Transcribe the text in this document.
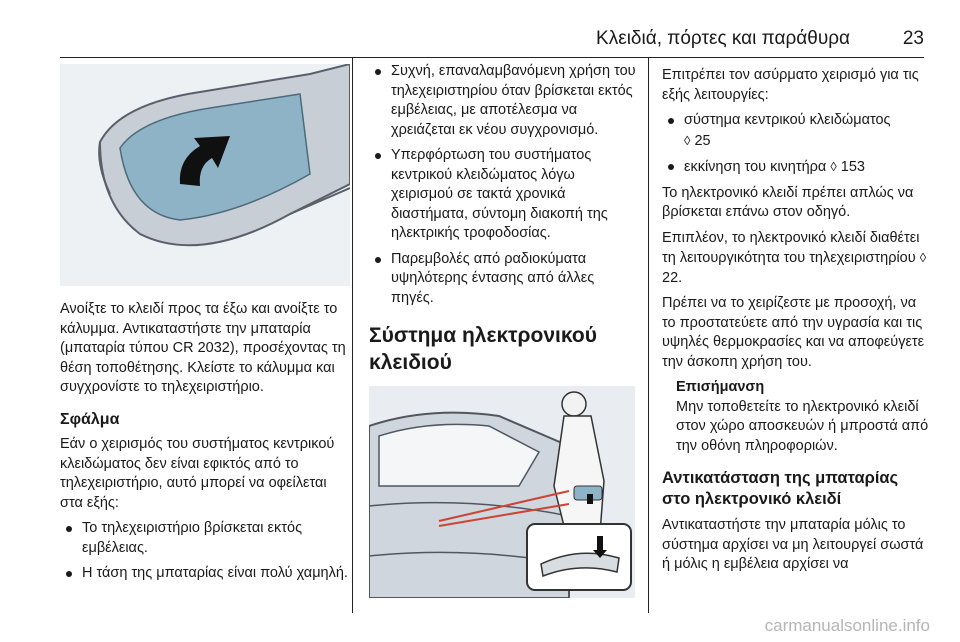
Κλειδιά, πόρτες και παράθυρα	23

Ανοίξτε το κλειδί προς τα έξω και ανοίξτε το κάλυμμα. Αντικαταστήστε την μπαταρία (μπαταρία τύπου CR 2032), προσέχοντας τη θέση τοποθέτησης. Κλείστε το κάλυμμα και συγχρονίστε το τηλεχειριστήριο.

Σφάλμα

Εάν ο χειρισμός του συστήματος κεντρικού κλειδώματος δεν είναι εφικτός από το τηλεχειριστήριο, αυτό μπορεί να οφείλεται στα εξής:

Το τηλεχειριστήριο βρίσκεται εκτός εμβέλειας.
Η τάση της μπαταρίας είναι πολύ χαμηλή.
Συχνή, επαναλαμβανόμενη χρήση του τηλεχειριστηρίου όταν βρίσκεται εκτός εμβέλειας, με αποτέλεσμα να χρειάζεται εκ νέου συγχρονισμό.
Υπερφόρτωση του συστήματος κεντρικού κλειδώματος λόγω χειρισμού σε τακτά χρονικά διαστήματα, σύντομη διακοπή της ηλεκτρικής τροφοδοσίας.
Παρεμβολές από ραδιοκύματα υψηλότερης έντασης από άλλες πηγές.
Σύστημα ηλεκτρονικού κλειδιού

Επιτρέπει τον ασύρματο χειρισμό για τις εξής λειτουργίες:

σύστημα κεντρικού κλειδώματος
◊ 25
εκκίνηση του κινητήρα ◊ 153

Το ηλεκτρονικό κλειδί πρέπει απλώς να βρίσκεται επάνω στον οδηγό.

Επιπλέον, το ηλεκτρονικό κλειδί διαθέτει τη λειτουργικότητα του τηλεχειριστηρίου ◊ 22.

Πρέπει να το χειρίζεστε με προσοχή, να το προστατεύετε από την υγρασία και τις υψηλές θερμοκρασίες και να αποφεύγετε την άσκοπη χρήση του.

Επισήμανση
Μην τοποθετείτε το ηλεκτρονικό κλειδί στον χώρο αποσκευών ή μπροστά από την οθόνη πληροφοριών.
Αντικατάσταση της μπαταρίας στο ηλεκτρονικό κλειδί

Αντικαταστήστε την μπαταρία μόλις το σύστημα αρχίσει να μη λειτουργεί σωστά ή μόλις η εμβέλεια αρχίσει να

carmanualsonline.info
